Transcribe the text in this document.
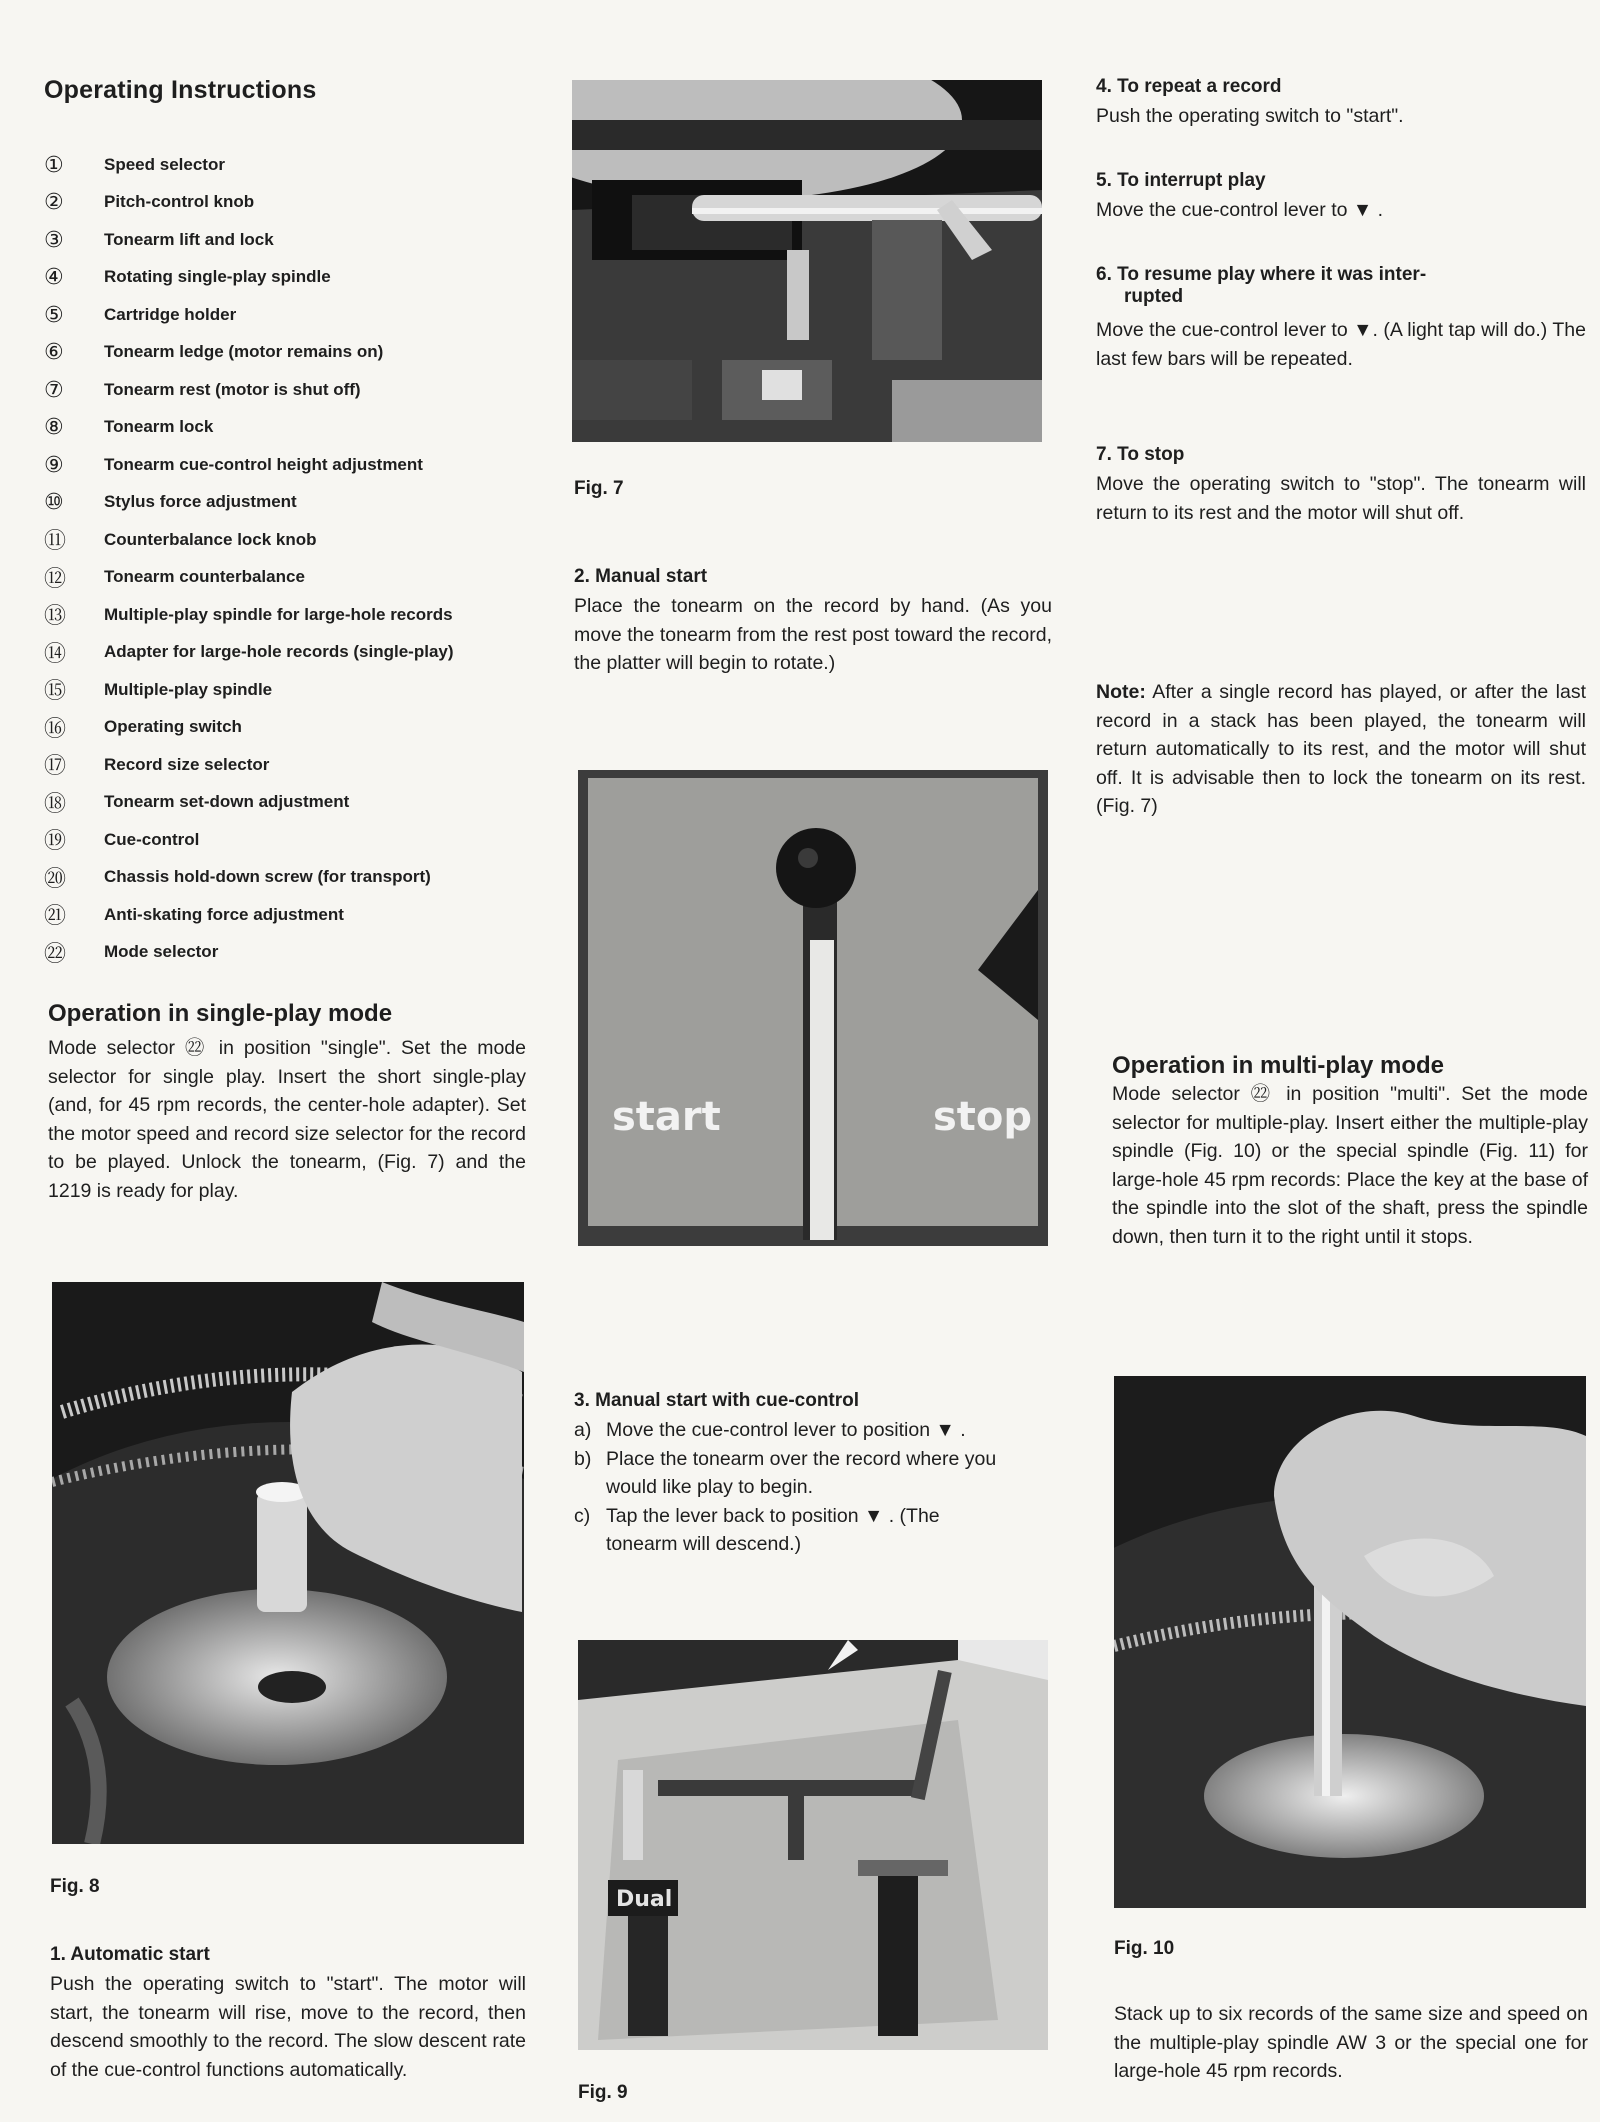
Operating Instructions
①	Speed selector
②	Pitch-control knob
③	Tonearm lift and lock
④	Rotating single-play spindle
⑤	Cartridge holder
⑥	Tonearm ledge (motor remains on)
⑦	Tonearm rest (motor is shut off)
⑧	Tonearm lock
⑨	Tonearm cue-control height adjustment
⑩	Stylus force adjustment
⑪	Counterbalance lock knob
⑫	Tonearm counterbalance
⑬	Multiple-play spindle for large-hole records
⑭	Adapter for large-hole records (single-play)
⑮	Multiple-play spindle
⑯	Operating switch
⑰	Record size selector
⑱	Tonearm set-down adjustment
⑲	Cue-control
⑳	Chassis hold-down screw (for transport)
㉑	Anti-skating force adjustment
㉒	Mode selector
Operation in single-play mode

Mode selector ㉒ in position "single". Set the mode selector for single play. Insert the short single-play (and, for 45 rpm records, the center-hole adapter). Set the motor speed and record size selector for the record to be played. Unlock the tonearm, (Fig. 7) and the 1219 is ready for play.

Fig. 8

1. Automatic start

Push the operating switch to "start". The motor will start, the tonearm will rise, move to the record, then descend smoothly to the record. The slow descent rate of the cue-control functions automatically.

Fig. 7

2. Manual start

Place the tonearm on the record by hand. (As you move the tonearm from the rest post toward the record, the platter will begin to rotate.)

start	stop
3. Manual start with cue-control
a) Move the cue-control lever to position ▼ .
b) Place the tonearm over the record where you would like play to begin.
c) Tap the lever back to position ▼ . (The tonearm will descend.)
Dual

Fig. 9

4. To repeat a record

Push the operating switch to "start".

5. To interrupt play

Move the cue-control lever to ▼ .

6. To resume play where it was inter-
rupted

Move the cue-control lever to ▼. (A light tap will do.) The last few bars will be repeated.

7. To stop

Move the operating switch to "stop". The tonearm will return to its rest and the motor will shut off.

Note: After a single record has played, or after the last record in a stack has been played, the tonearm will return automatically to its rest, and the motor will shut off. It is advisable then to lock the tonearm on its rest. (Fig. 7)

Operation in multi-play mode

Mode selector ㉒ in position "multi". Set the mode selector for multiple-play. Insert either the multiple-play spindle (Fig. 10) or the special spindle (Fig. 11) for large-hole 45 rpm records: Place the key at the base of the spindle into the slot of the shaft, press the spindle down, then turn it to the right until it stops.

Fig. 10

Stack up to six records of the same size and speed on the multiple-play spindle AW 3 or the special one for large-hole 45 rpm records.
